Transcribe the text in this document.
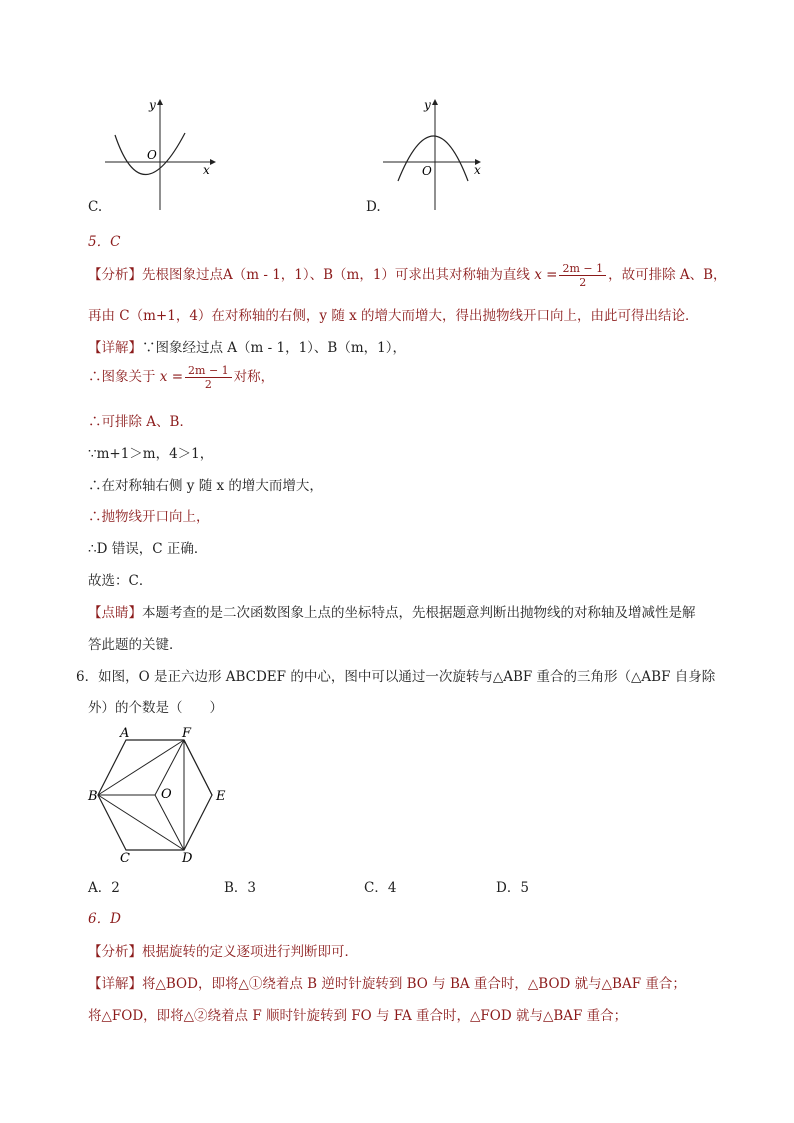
y
O
x
C.
y
O	x
D.
5．C
【分析】先根图象过点A（m - 1，1）、B（m，1）可求出其对称轴为直线 $x = \frac{2m - 1}{2}$ ，故可排除 A、B，
再由 C（m+1，4）在对称轴的右侧，y 随 x 的增大而增大，得出抛物线开口向上，由此可得出结论．
【详解】∵图象经过点 A（m - 1，1）、B（m，1），
∴图象关于 $x = \frac{2m - 1}{2}$ 对称，
∴可排除 A、B．
∵m+1＞m，4＞1，
∴在对称轴右侧 y 随 x 的增大而增大，
∴抛物线开口向上，
∴D 错误，C 正确．
故选：C．
【点睛】本题考查的是二次函数图象上点的坐标特点，先根据题意判断出抛物线的对称轴及增减性是解
答此题的关键．
6．如图，O 是正六边形 ABCDEF 的中心，图中可以通过一次旋转与△ABF 重合的三角形（△ABF 自身除
外）的个数是（　　）
A	F
B	O	E
C	D
A．2	B．3	C．4	D．5
6．D
【分析】根据旋转的定义逐项进行判断即可．
【详解】将△BOD，即将△①绕着点 B 逆时针旋转到 BO 与 BA 重合时，△BOD 就与△BAF 重合；
将△FOD，即将△②绕着点 F 顺时针旋转到 FO 与 FA 重合时，△FOD 就与△BAF 重合；
